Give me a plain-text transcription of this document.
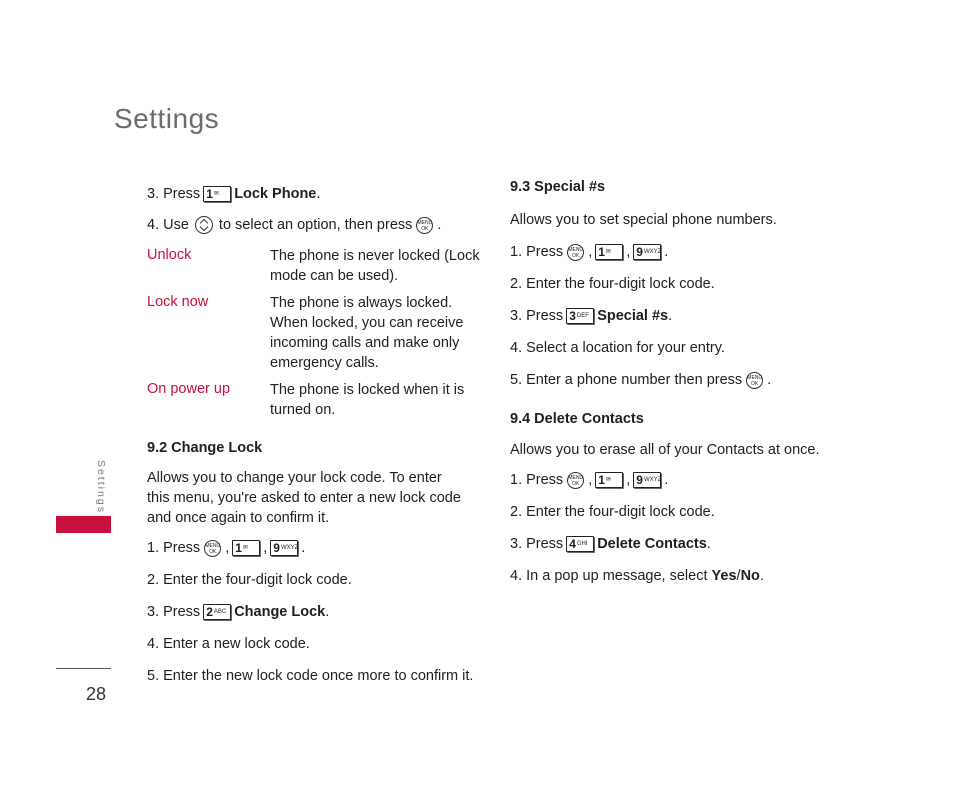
Settings
3. Press 1 ✉ Lock Phone .
4. Use to select an option, then press MENU
OK .
Unlock	The phone is never locked (Lock mode can be used).
Lock now	The phone is always locked. When locked, you can receive incoming calls and make only emergency calls.
On power up	The phone is locked when it is turned on.
9.2 Change Lock
Allows you to change your lock code. To enter this menu, you're asked to enter a new lock code and once again to confirm it.
1. Press MENU
OK , 1 ✉ , 9 WXYZ .
2. Enter the four-digit lock code.
3. Press 2 ABC Change Lock .
4. Enter a new lock code.
5. Enter the new lock code once more to confirm it.
9.3 Special #s
Allows you to set special phone numbers.
1. Press MENU
OK , 1 ✉ , 9 WXYZ .
2. Enter the four-digit lock code.
3. Press 3 DEF Special #s .
4. Select a location for your entry.
5. Enter a phone number then press MENU
OK .
9.4 Delete Contacts
Allows you to erase all of your Contacts at once.
1. Press MENU
OK , 1 ✉ , 9 WXYZ .
2. Enter the four-digit lock code.
3. Press 4 GHI Delete Contacts .
4. In a pop up message, select
Yes / No .
Settings
28
